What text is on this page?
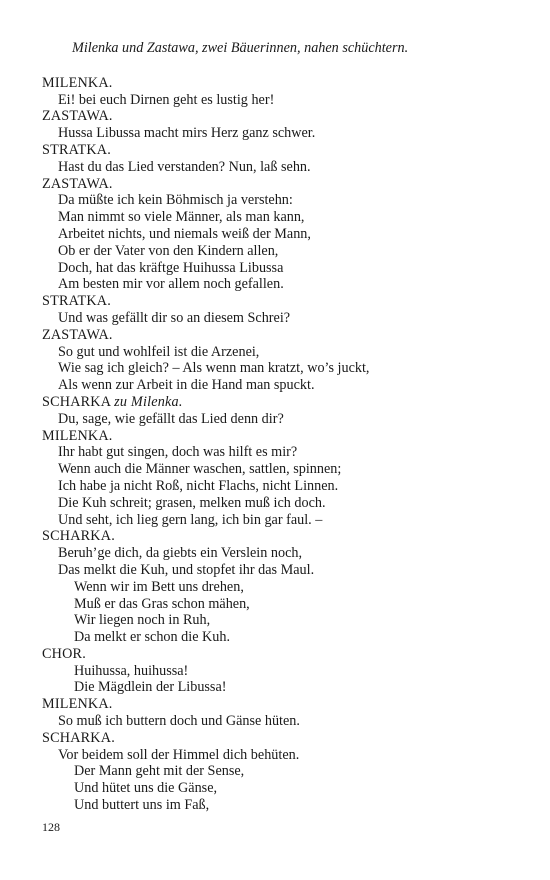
Milenka und Zastawa, zwei Bäuerinnen, nahen schüchtern.
MILENKA.
Ei! bei euch Dirnen geht es lustig her!
ZASTAWA.
Hussa Libussa macht mirs Herz ganz schwer.
STRATKA.
Hast du das Lied verstanden? Nun, laß sehn.
ZASTAWA.
Da müßte ich kein Böhmisch ja verstehn:
Man nimmt so viele Männer, als man kann,
Arbeitet nichts, und niemals weiß der Mann,
Ob er der Vater von den Kindern allen,
Doch, hat das kräftge Huihussa Libussa
Am besten mir vor allem noch gefallen.
STRATKA.
Und was gefällt dir so an diesem Schrei?
ZASTAWA.
So gut und wohlfeil ist die Arzenei,
Wie sag ich gleich? – Als wenn man kratzt, wo’s juckt,
Als wenn zur Arbeit in die Hand man spuckt.
SCHARKA zu Milenka.
Du, sage, wie gefällt das Lied denn dir?
MILENKA.
Ihr habt gut singen, doch was hilft es mir?
Wenn auch die Männer waschen, sattlen, spinnen;
Ich habe ja nicht Roß, nicht Flachs, nicht Linnen.
Die Kuh schreit; grasen, melken muß ich doch.
Und seht, ich lieg gern lang, ich bin gar faul. –
SCHARKA.
Beruh’ge dich, da giebts ein Verslein noch,
Das melkt die Kuh, und stopfet ihr das Maul.
Wenn wir im Bett uns drehen,
Muß er das Gras schon mähen,
Wir liegen noch in Ruh,
Da melkt er schon die Kuh.
CHOR.
Huihussa, huihussa!
Die Mägdlein der Libussa!
MILENKA.
So muß ich buttern doch und Gänse hüten.
SCHARKA.
Vor beidem soll der Himmel dich behüten.
Der Mann geht mit der Sense,
Und hütet uns die Gänse,
Und buttert uns im Faß,
128
